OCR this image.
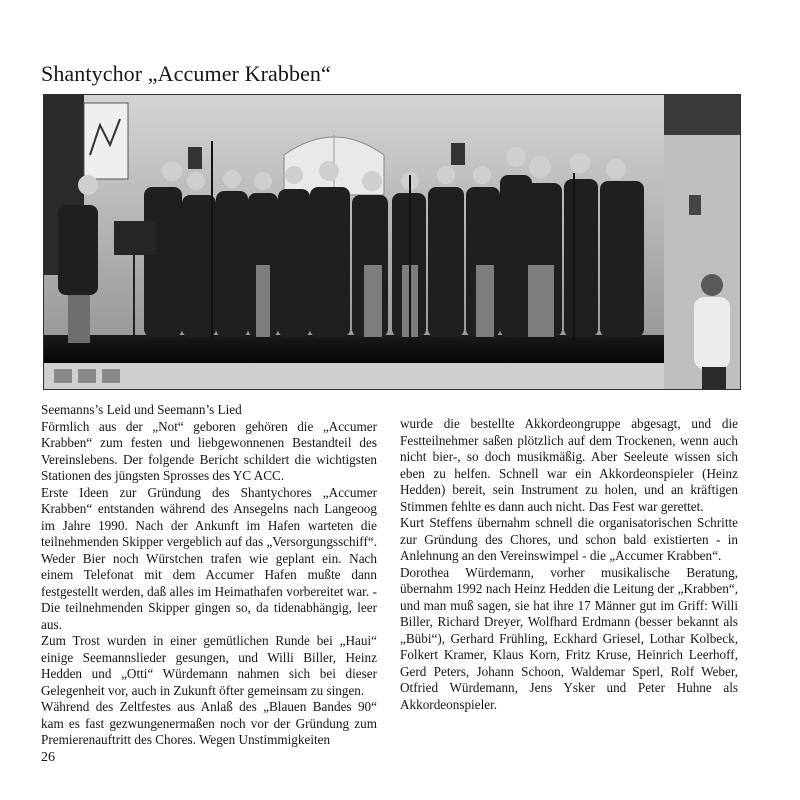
Shantychor „Accumer Krabben“

Seemanns’s Leid und Seemann’s Lied

Förmlich aus der „Not“ geboren gehören die „Accumer Krabben“ zum festen und liebgewonnenen Bestandteil des Vereinslebens. Der folgende Bericht schildert die wichtigsten Stationen des jüngsten Sprosses des YC ACC.

Erste Ideen zur Gründung des Shantychores „Accumer Krabben“ entstanden während des Ansegelns nach Langeoog im Jahre 1990. Nach der Ankunft im Hafen warteten die teilnehmenden Skipper vergeblich auf das „Versorgungsschiff“. Weder Bier noch Würstchen trafen wie geplant ein. Nach einem Telefonat mit dem Accumer Hafen mußte dann festgestellt werden, daß alles im Heimathafen vorbereitet war. - Die teilnehmenden Skipper gingen so, da tidenabhängig, leer aus.

Zum Trost wurden in einer gemütlichen Runde bei „Haui“ einige Seemannslieder gesungen, und Willi Biller, Heinz Hedden und „Otti“ Würdemann nahmen sich bei dieser Gelegenheit vor, auch in Zukunft öfter gemeinsam zu singen.

Während des Zeltfestes aus Anlaß des „Blauen Bandes 90“ kam es fast gezwungenermaßen noch vor der Gründung zum Premierenauftritt des Chores. Wegen Unstimmigkeiten

wurde die bestellte Akkordeongruppe abgesagt, und die Festteilnehmer saßen plötzlich auf dem Trockenen, wenn auch nicht bier-, so doch musikmäßig. Aber Seeleute wissen sich eben zu helfen. Schnell war ein Akkordeonspieler (Heinz Hedden) bereit, sein Instrument zu holen, und an kräftigen Stimmen fehlte es dann auch nicht. Das Fest war gerettet.

Kurt Steffens übernahm schnell die organisatorischen Schritte zur Gründung des Chores, und schon bald existierten - in Anlehnung an den Vereinswimpel - die „Accumer Krabben“.

Dorothea Würdemann, vorher musikalische Beratung, übernahm 1992 nach Heinz Hedden die Leitung der „Krabben“, und man muß sagen, sie hat ihre 17 Männer gut im Griff: Willi Biller, Richard Dreyer, Wolfhard Erdmann (besser bekannt als „Bübi“), Gerhard Frühling, Eckhard Griesel, Lothar Kolbeck, Folkert Kramer, Klaus Korn, Fritz Kruse, Heinrich Leerhoff, Gerd Peters, Johann Schoon, Waldemar Sperl, Rolf Weber, Otfried Würdemann, Jens Ysker und Peter Huhne als Akkordeonspieler.

26
